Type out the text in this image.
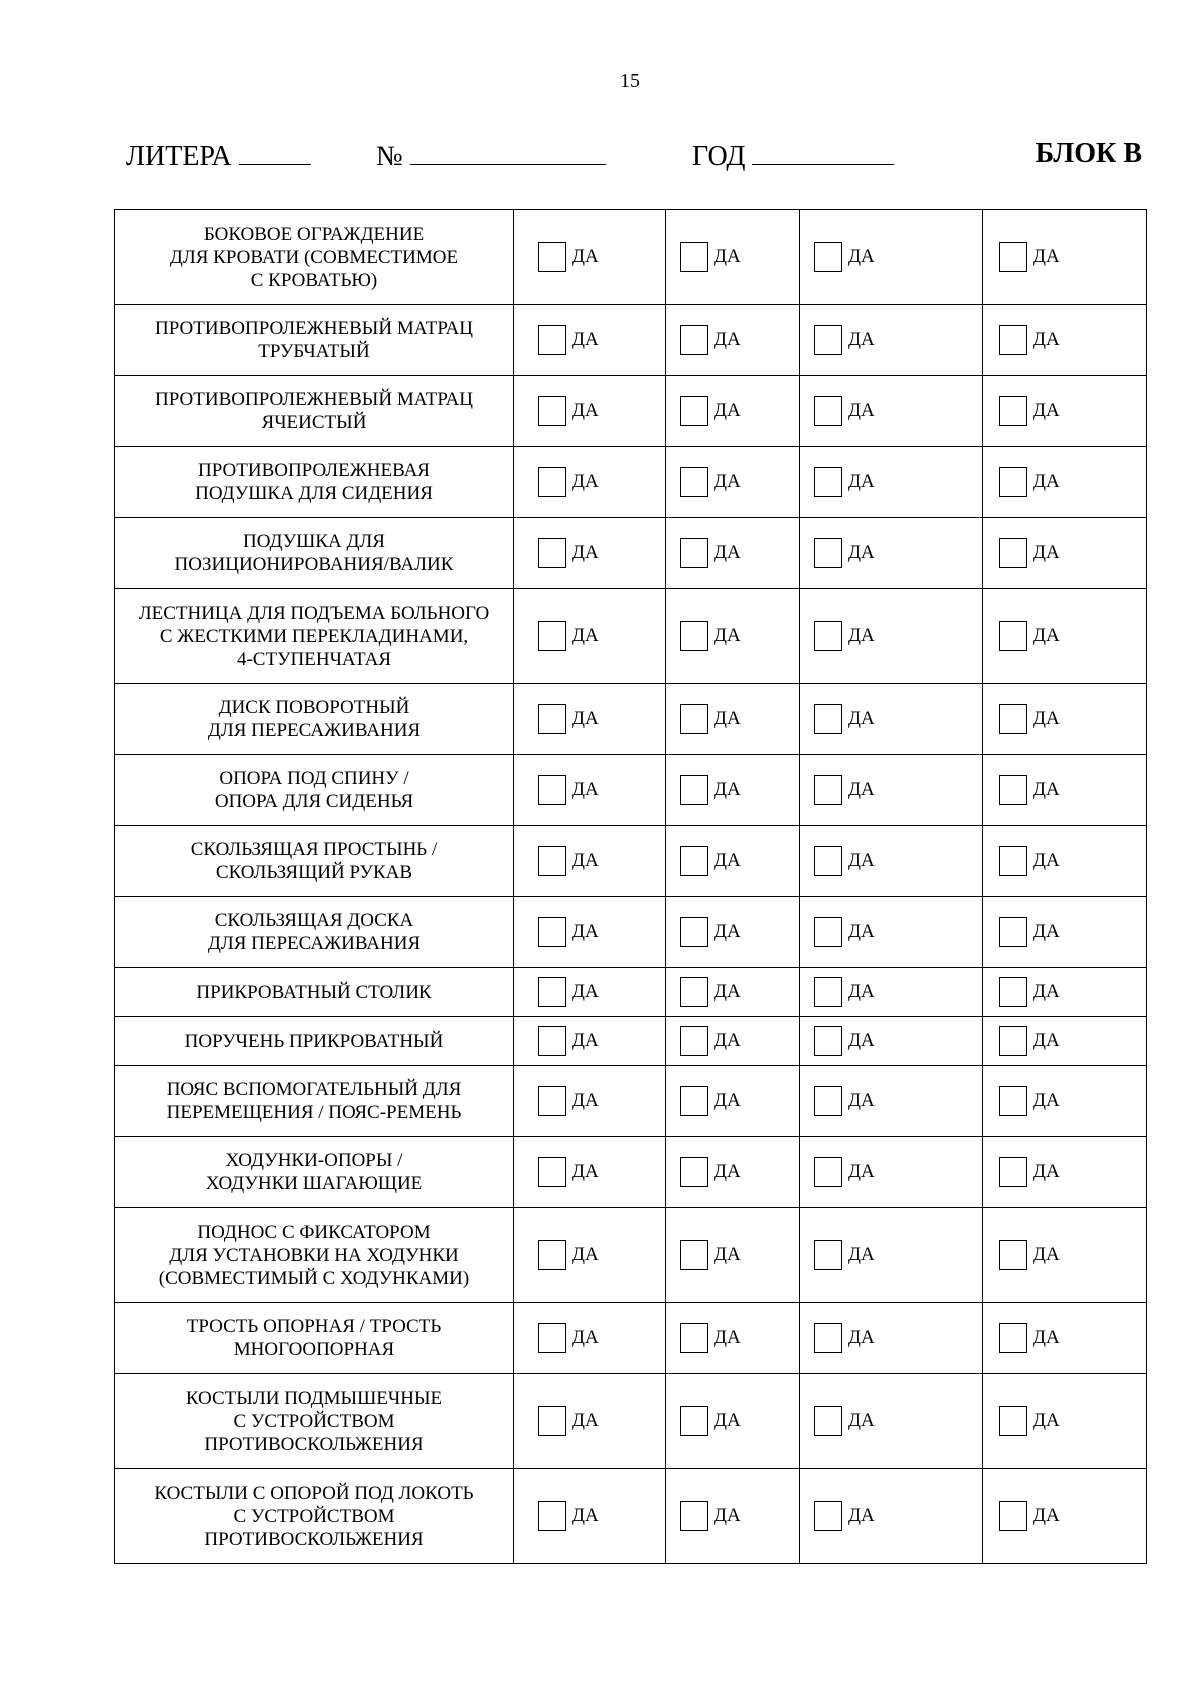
15
ЛИТЕРА	№	ГОД	БЛОК В
БОКОВОЕ ОГРАЖДЕНИЕ
ДЛЯ КРОВАТИ (СОВМЕСТИМОЕ
С КРОВАТЬЮ)	ДА	ДА	ДА	ДА

ПРОТИВОПРОЛЕЖНЕВЫЙ МАТРАЦ
ТРУБЧАТЫЙ	ДА	ДА	ДА	ДА

ПРОТИВОПРОЛЕЖНЕВЫЙ МАТРАЦ
ЯЧЕИСТЫЙ	ДА	ДА	ДА	ДА

ПРОТИВОПРОЛЕЖНЕВАЯ
ПОДУШКА ДЛЯ СИДЕНИЯ	ДА	ДА	ДА	ДА

ПОДУШКА ДЛЯ
ПОЗИЦИОНИРОВАНИЯ/ВАЛИК	ДА	ДА	ДА	ДА

ЛЕСТНИЦА ДЛЯ ПОДЪЕМА БОЛЬНОГО
С ЖЕСТКИМИ ПЕРЕКЛАДИНАМИ,
4-СТУПЕНЧАТАЯ	ДА	ДА	ДА	ДА

ДИСК ПОВОРОТНЫЙ
ДЛЯ ПЕРЕСАЖИВАНИЯ	ДА	ДА	ДА	ДА

ОПОРА ПОД СПИНУ /
ОПОРА ДЛЯ СИДЕНЬЯ	ДА	ДА	ДА	ДА

СКОЛЬЗЯЩАЯ ПРОСТЫНЬ /
СКОЛЬЗЯЩИЙ РУКАВ	ДА	ДА	ДА	ДА

СКОЛЬЗЯЩАЯ ДОСКА
ДЛЯ ПЕРЕСАЖИВАНИЯ	ДА	ДА	ДА	ДА

ПРИКРОВАТНЫЙ СТОЛИК	ДА	ДА	ДА	ДА

ПОРУЧЕНЬ ПРИКРОВАТНЫЙ	ДА	ДА	ДА	ДА

ПОЯС ВСПОМОГАТЕЛЬНЫЙ ДЛЯ
ПЕРЕМЕЩЕНИЯ / ПОЯС-РЕМЕНЬ	ДА	ДА	ДА	ДА

ХОДУНКИ-ОПОРЫ /
ХОДУНКИ ШАГАЮЩИЕ	ДА	ДА	ДА	ДА

ПОДНОС С ФИКСАТОРОМ
ДЛЯ УСТАНОВКИ НА ХОДУНКИ
(СОВМЕСТИМЫЙ С ХОДУНКАМИ)	ДА	ДА	ДА	ДА

ТРОСТЬ ОПОРНАЯ / ТРОСТЬ
МНОГООПОРНАЯ	ДА	ДА	ДА	ДА

КОСТЫЛИ ПОДМЫШЕЧНЫЕ
С УСТРОЙСТВОМ
ПРОТИВОСКОЛЬЖЕНИЯ	ДА	ДА	ДА	ДА

КОСТЫЛИ С ОПОРОЙ ПОД ЛОКОТЬ
С УСТРОЙСТВОМ
ПРОТИВОСКОЛЬЖЕНИЯ	ДА	ДА	ДА	ДА
